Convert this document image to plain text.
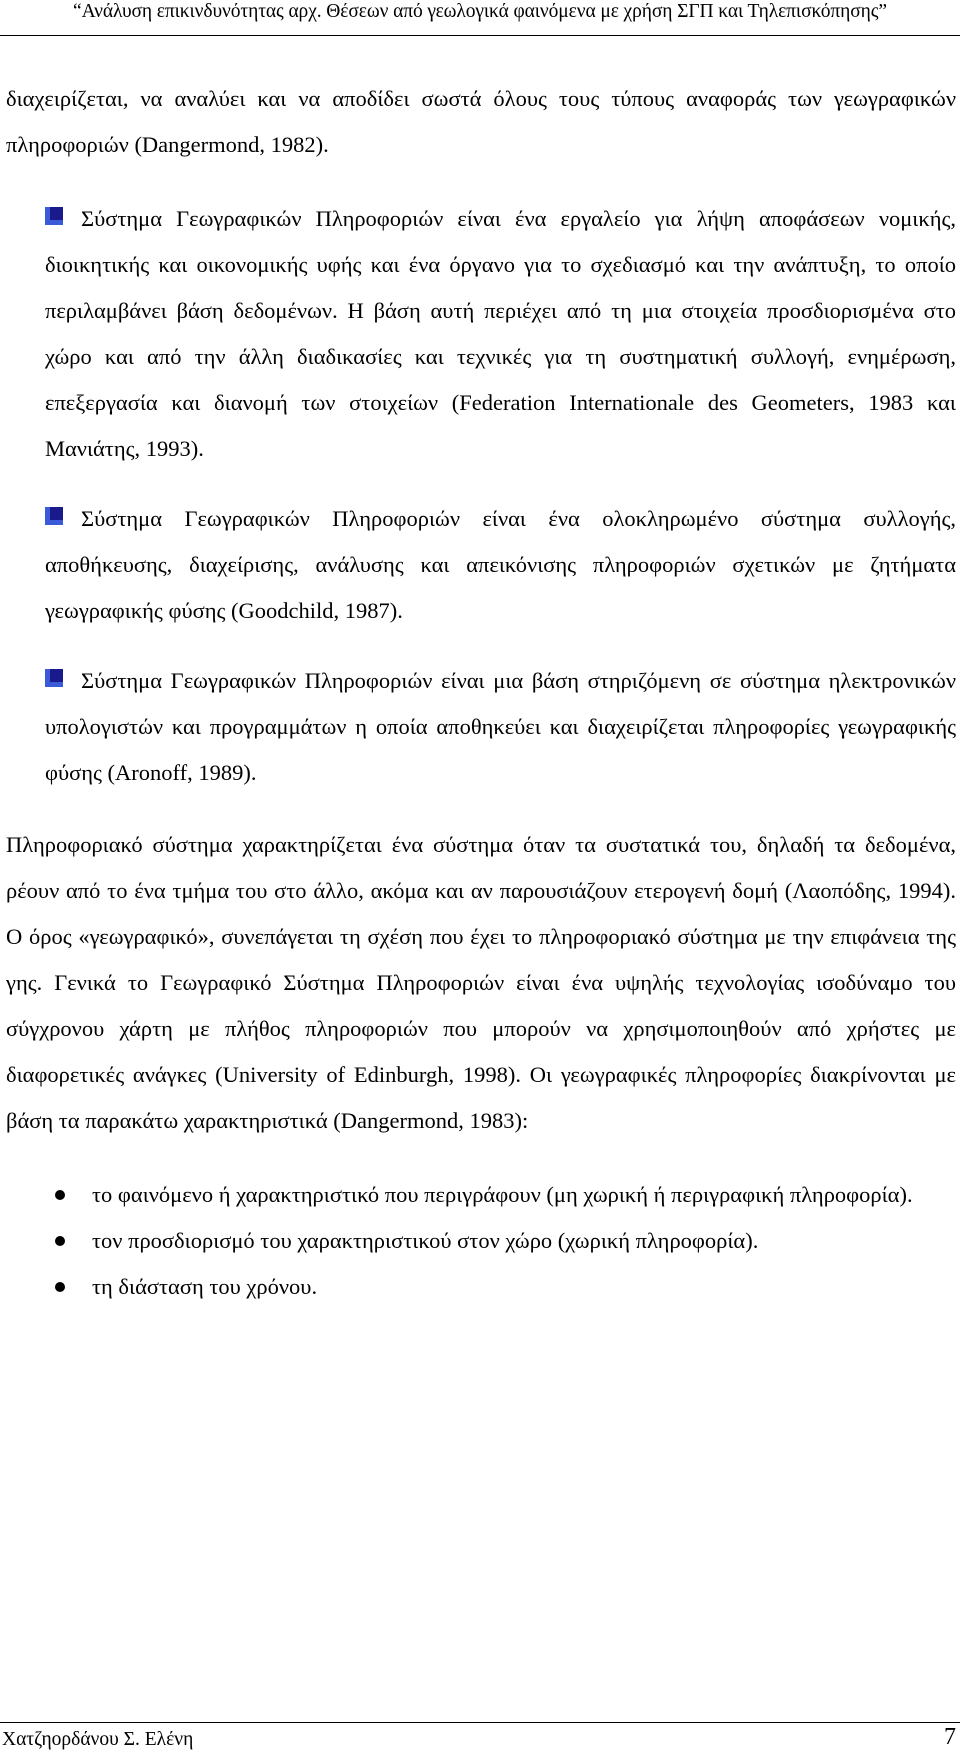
“Ανάλυση επικινδυνότητας αρχ. Θέσεων από γεωλογικά φαινόμενα με χρήση ΣΓΠ και Τηλεπισκόπησης”

διαχειρίζεται, να αναλύει και να αποδίδει σωστά όλους τους τύπους αναφοράς των γεωγραφικών πληροφοριών (Dangermond, 1982).

Σύστημα Γεωγραφικών Πληροφοριών είναι ένα εργαλείο για λήψη αποφάσεων νομικής, διοικητικής και οικονομικής υφής και ένα όργανο για το σχεδιασμό και την ανάπτυξη, το οποίο περιλαμβάνει βάση δεδομένων. Η βάση αυτή περιέχει από τη μια στοιχεία προσδιορισμένα στο χώρο και από την άλλη διαδικασίες και τεχνικές για τη συστηματική συλλογή, ενημέρωση, επεξεργασία και διανομή των στοιχείων (Federation Internationale des Geometers, 1983 και Μανιάτης, 1993).

Σύστημα Γεωγραφικών Πληροφοριών είναι ένα ολοκληρωμένο σύστημα συλλογής, αποθήκευσης, διαχείρισης, ανάλυσης και απεικόνισης πληροφοριών σχετικών με ζητήματα γεωγραφικής φύσης (Goodchild, 1987).

Σύστημα Γεωγραφικών Πληροφοριών είναι μια βάση στηριζόμενη σε σύστημα ηλεκτρονικών υπολογιστών και προγραμμάτων η οποία αποθηκεύει και διαχειρίζεται πληροφορίες γεωγραφικής φύσης (Aronoff, 1989).

Πληροφοριακό σύστημα χαρακτηρίζεται ένα σύστημα όταν τα συστατικά του, δηλαδή τα δεδομένα, ρέουν από το ένα τμήμα του στο άλλο, ακόμα και αν παρουσιάζουν ετερογενή δομή (Λαοπόδης, 1994). Ο όρος «γεωγραφικό», συνεπάγεται τη σχέση που έχει το πληροφοριακό σύστημα με την επιφάνεια της γης. Γενικά το Γεωγραφικό Σύστημα Πληροφοριών είναι ένα υψηλής τεχνολογίας ισοδύναμο του σύγχρονου χάρτη με πλήθος πληροφοριών που μπορούν να χρησιμοποιηθούν από χρήστες με διαφορετικές ανάγκες (University of Edinburgh, 1998). Οι γεωγραφικές πληροφορίες διακρίνονται με βάση τα παρακάτω χαρακτηριστικά (Dangermond, 1983):

το φαινόμενο ή χαρακτηριστικό που περιγράφουν (μη χωρική ή περιγραφική πληροφορία).
τον προσδιορισμό του χαρακτηριστικού στον χώρο (χωρική πληροφορία).
τη διάσταση του χρόνου.
Χατζηορδάνου Σ. Ελένη	7
